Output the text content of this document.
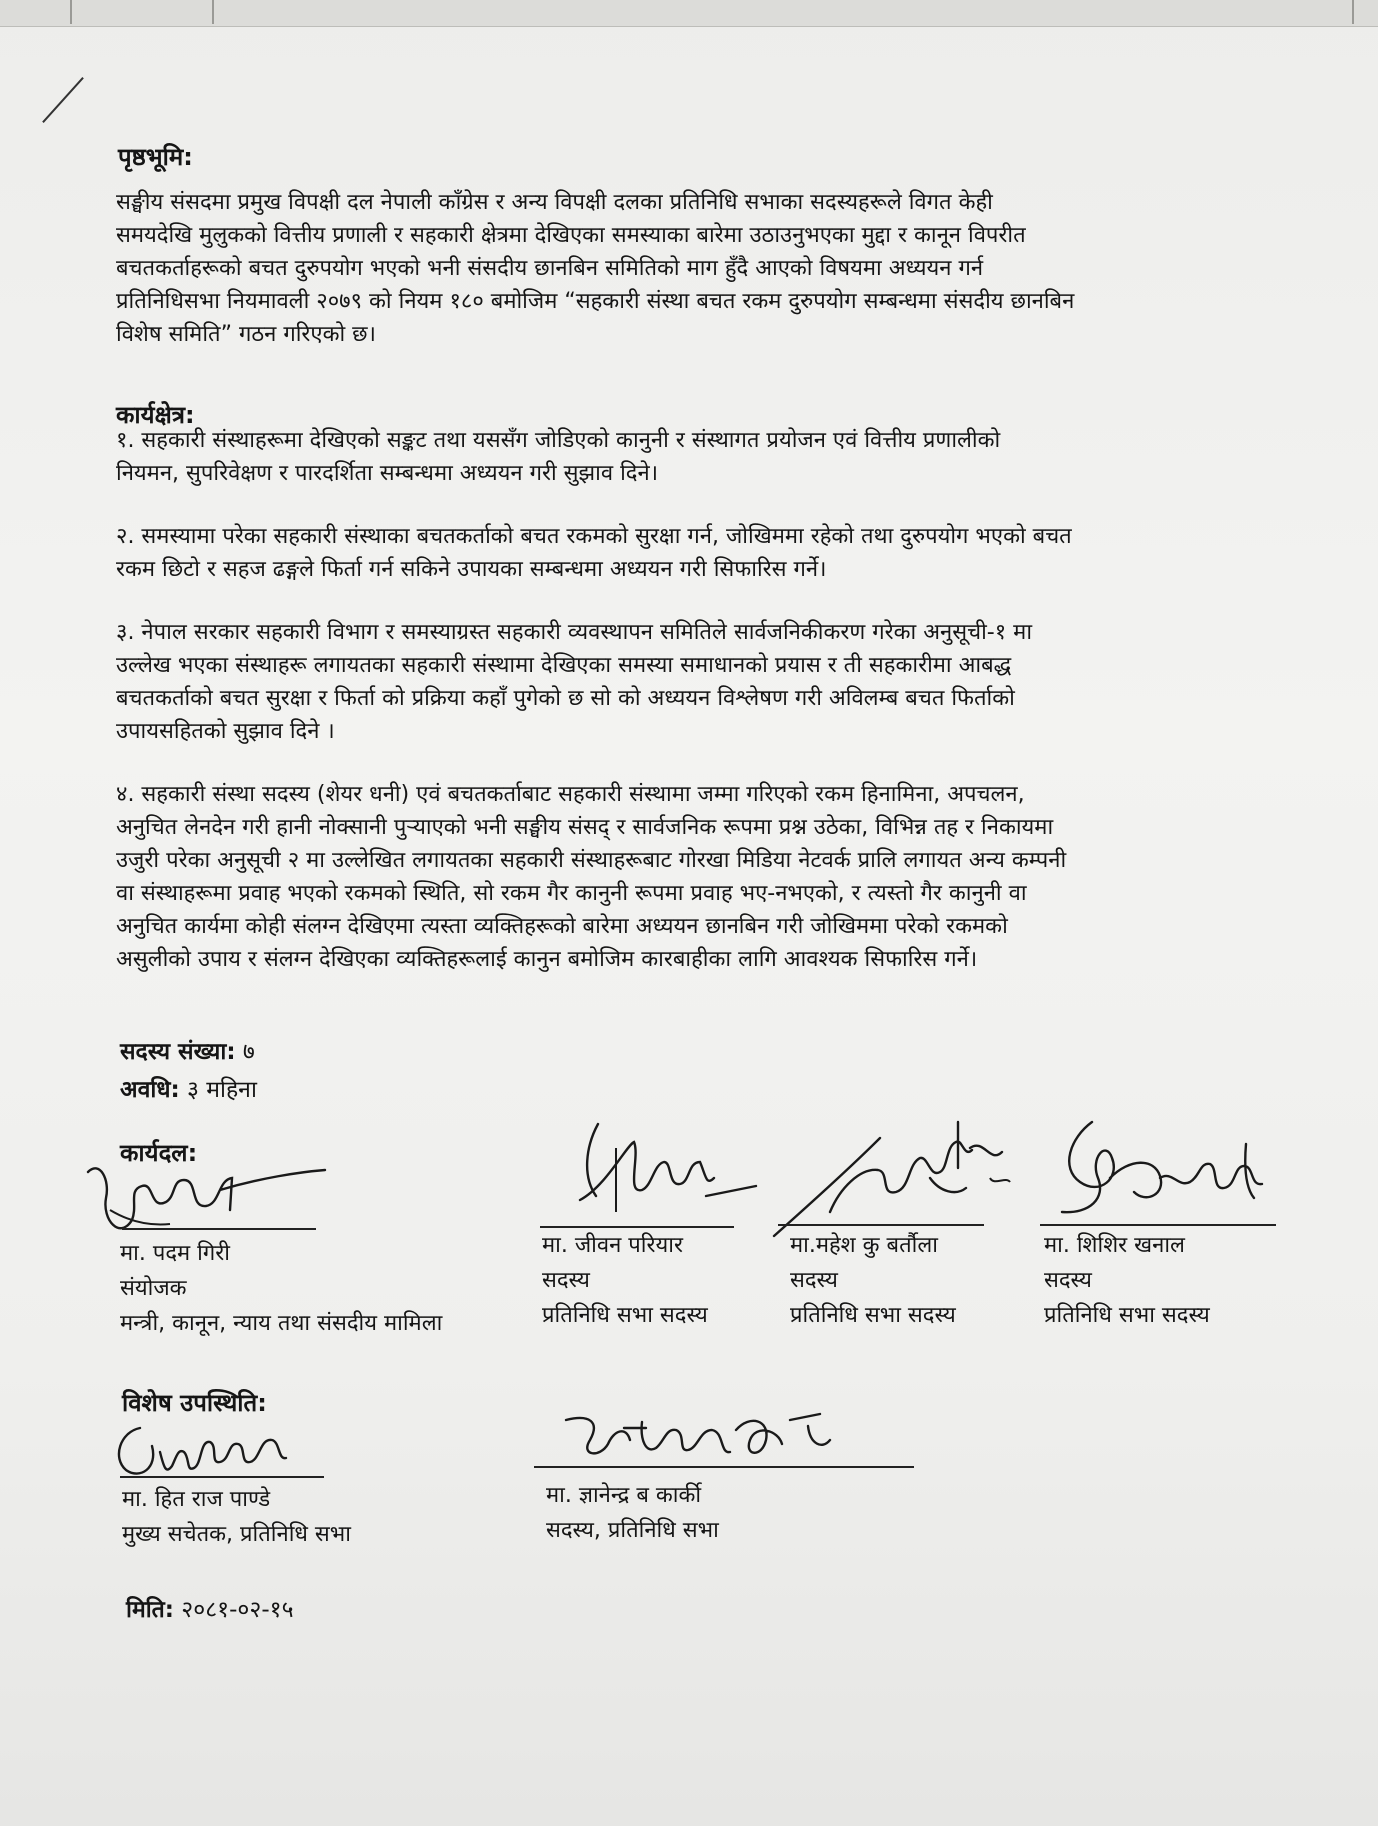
पृष्ठभूमि:

सङ्घीय संसदमा प्रमुख विपक्षी दल नेपाली काँग्रेस र अन्य विपक्षी दलका प्रतिनिधि सभाका सदस्यहरूले विगत केही

समयदेखि मुलुकको वित्तीय प्रणाली र सहकारी क्षेत्रमा देखिएका समस्याका बारेमा उठाउनुभएका मुद्दा र कानून विपरीत

बचतकर्ताहरूको बचत दुरुपयोग भएको भनी संसदीय छानबिन समितिको माग हुँदै आएको विषयमा अध्ययन गर्न

प्रतिनिधिसभा नियमावली २०७९ को नियम १८० बमोजिम “सहकारी संस्था बचत रकम दुरुपयोग सम्बन्धमा संसदीय छानबिन

विशेष समिति” गठन गरिएको छ।

कार्यक्षेत्र:

१. सहकारी संस्थाहरूमा देखिएको सङ्कट तथा यससँग जोडिएको कानुनी र संस्थागत प्रयोजन एवं वित्तीय प्रणालीको

नियमन, सुपरिवेक्षण र पारदर्शिता सम्बन्धमा अध्ययन गरी सुझाव दिने।

२. समस्यामा परेका सहकारी संस्थाका बचतकर्ताको बचत रकमको सुरक्षा गर्न, जोखिममा रहेको तथा दुरुपयोग भएको बचत

रकम छिटो र सहज ढङ्गले फिर्ता गर्न सकिने उपायका सम्बन्धमा अध्ययन गरी सिफारिस गर्ने।

३. नेपाल सरकार सहकारी विभाग र समस्याग्रस्त सहकारी व्यवस्थापन समितिले सार्वजनिकीकरण गरेका अनुसूची-१ मा

उल्लेख भएका संस्थाहरू लगायतका सहकारी संस्थामा देखिएका समस्या समाधानको प्रयास र ती सहकारीमा आबद्ध

बचतकर्ताको बचत सुरक्षा र फिर्ता को प्रक्रिया कहाँ पुगेको छ सो को अध्ययन विश्लेषण गरी अविलम्ब बचत फिर्ताको

उपायसहितको सुझाव दिने ।

४. सहकारी संस्था सदस्य (शेयर धनी) एवं बचतकर्ताबाट सहकारी संस्थामा जम्मा गरिएको रकम हिनामिना, अपचलन,

अनुचित लेनदेन गरी हानी नोक्सानी पुऱ्याएको भनी सङ्घीय संसद् र सार्वजनिक रूपमा प्रश्न उठेका, विभिन्न तह र निकायमा

उजुरी परेका अनुसूची २ मा उल्लेखित लगायतका सहकारी संस्थाहरूबाट गोरखा मिडिया नेटवर्क प्रालि लगायत अन्य कम्पनी

वा संस्थाहरूमा प्रवाह भएको रकमको स्थिति, सो रकम गैर कानुनी रूपमा प्रवाह भए-नभएको, र त्यस्तो गैर कानुनी वा

अनुचित कार्यमा कोही संलग्न देखिएमा त्यस्ता व्यक्तिहरूको बारेमा अध्ययन छानबिन गरी जोखिममा परेको रकमको

असुलीको उपाय र संलग्न देखिएका व्यक्तिहरूलाई कानुन बमोजिम कारबाहीका लागि आवश्यक सिफारिस गर्ने।

सदस्य संख्या: ७
अवधि: ३ महिना
कार्यदल:
मा. पदम गिरी
संयोजक
मन्त्री, कानून, न्याय तथा संसदीय मामिला
मा. जीवन परियार
सदस्य
प्रतिनिधि सभा सदस्य
मा.महेश कु बर्तौला
सदस्य
प्रतिनिधि सभा सदस्य
मा. शिशिर खनाल
सदस्य
प्रतिनिधि सभा सदस्य
विशेष उपस्थिति:
मा. हित राज पाण्डे
मुख्य सचेतक, प्रतिनिधि सभा
मा. ज्ञानेन्द्र ब कार्की
सदस्य, प्रतिनिधि सभा
मिति: २०८१-०२-१५
